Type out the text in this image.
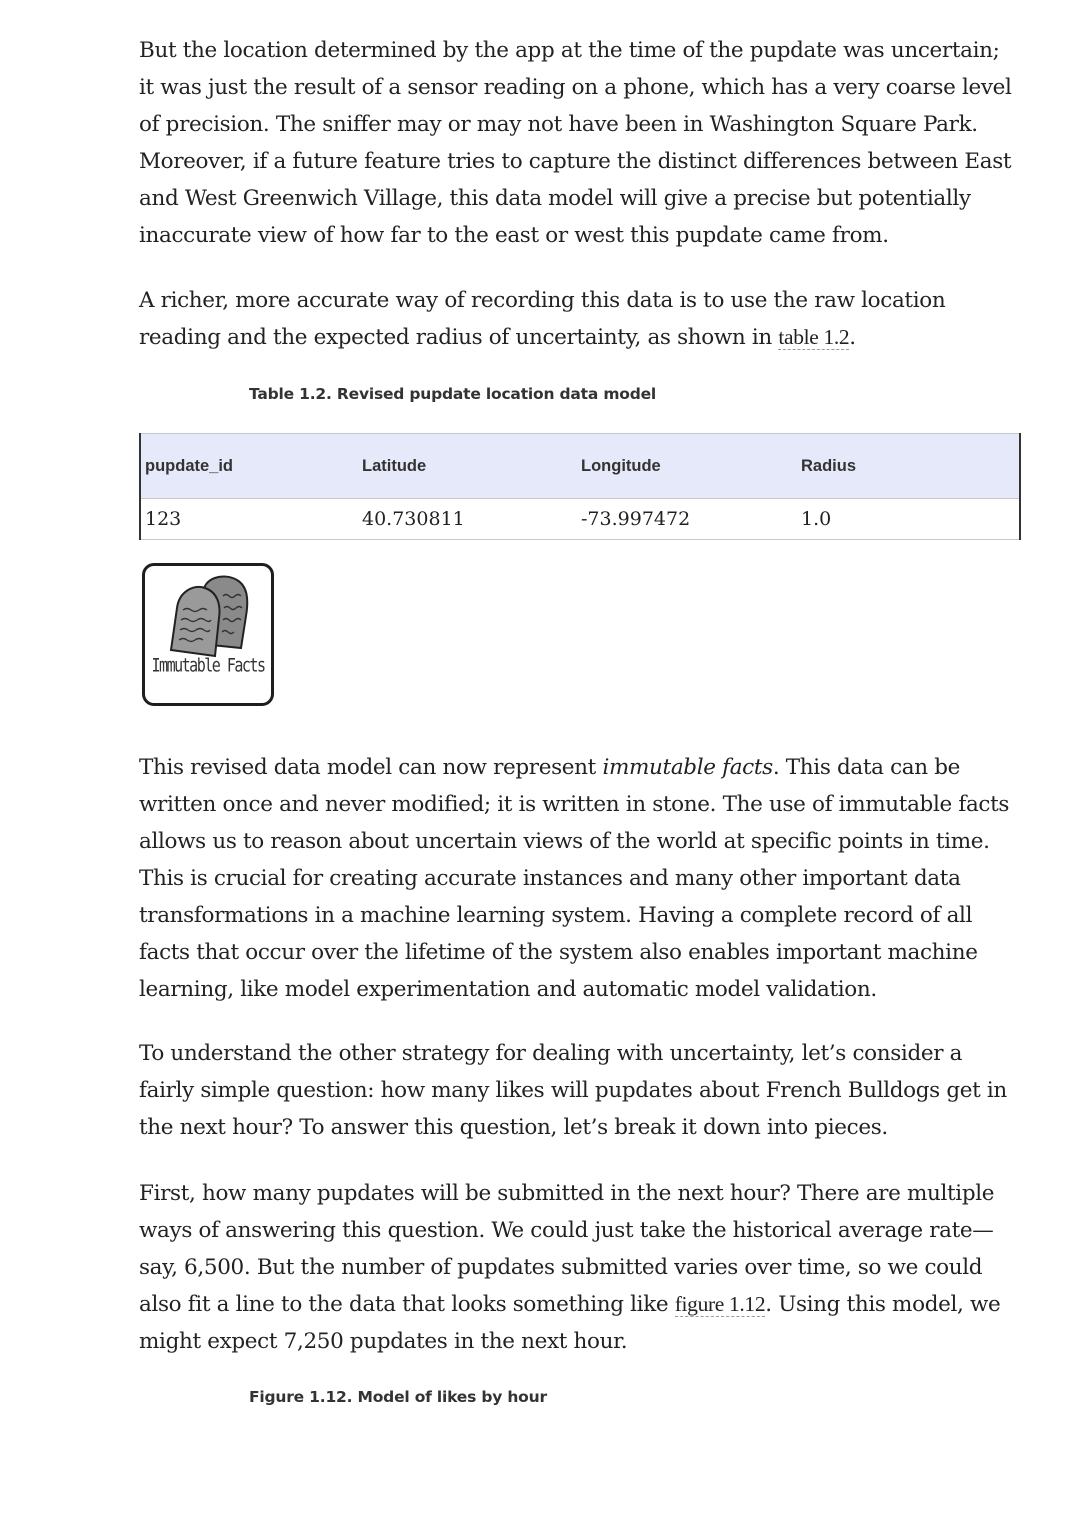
But the location determined by the app at the time of the pupdate was uncertain; it was just the result of a sensor reading on a phone, which has a very coarse level of precision. The sniffer may or may not have been in Washington Square Park. Moreover, if a future feature tries to capture the distinct differences between East and West Greenwich Village, this data model will give a precise but potentially inaccurate view of how far to the east or west this pupdate came from.

A richer, more accurate way of recording this data is to use the raw location reading and the expected radius of uncertainty, as shown in table 1.2.

Table 1.2. Revised pupdate location data model
pupdate_id	Latitude	Longitude	Radius
123	40.730811	-73.997472	1.0
Immutable Facts

This revised data model can now represent immutable facts. This data can be written once and never modified; it is written in stone. The use of immutable facts allows us to reason about uncertain views of the world at specific points in time. This is crucial for creating accurate instances and many other important data transformations in a machine learning system. Having a complete record of all facts that occur over the lifetime of the system also enables important machine learning, like model experimentation and automatic model validation.

To understand the other strategy for dealing with uncertainty, let’s consider a fairly simple question: how many likes will pupdates about French Bulldogs get in the next hour? To answer this question, let’s break it down into pieces.

First, how many pupdates will be submitted in the next hour? There are multiple ways of answering this question. We could just take the historical average rate—say, 6,500. But the number of pupdates submitted varies over time, so we could also fit a line to the data that looks something like figure 1.12. Using this model, we might expect 7,250 pupdates in the next hour.

Figure 1.12. Model of likes by hour
